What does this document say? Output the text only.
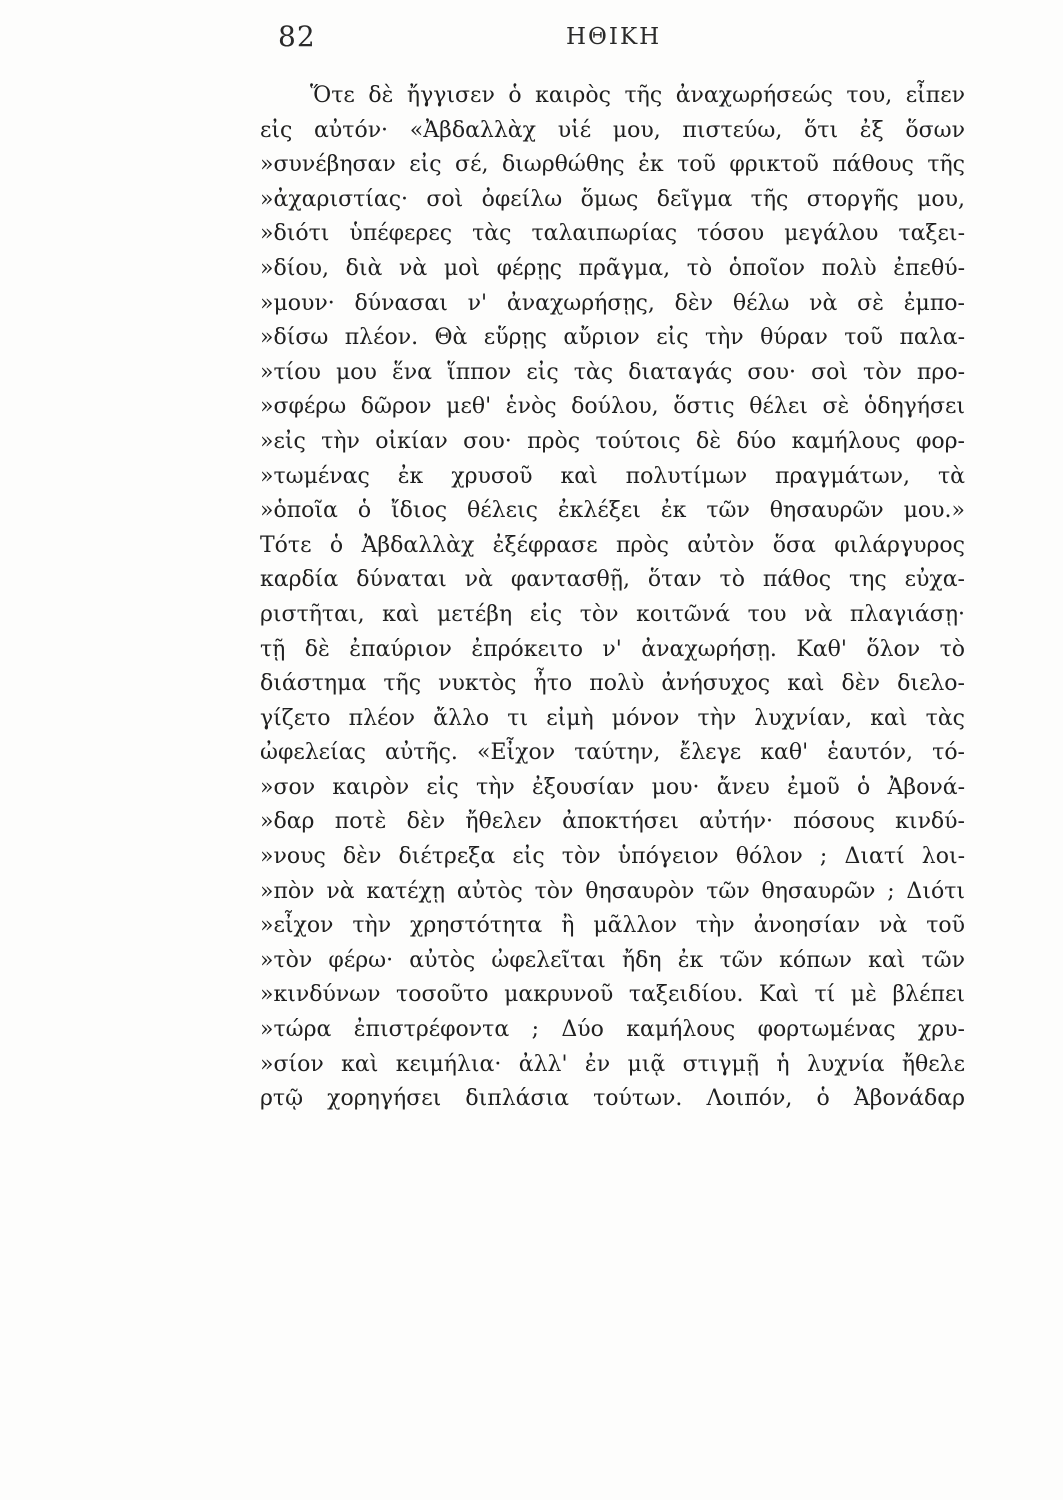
82	ΗΘΙΚΗ
Ὅτε δὲ ἤγγισεν ὁ καιρὸς τῆς ἀναχωρήσεώς του, εἶπεν
εἰς αὐτόν· «Ἀβδαλλὰχ υἱέ μου, πιστεύω, ὅτι ἐξ ὅσων
»συνέβησαν εἰς σέ, διωρθώθης ἐκ τοῦ φρικτοῦ πάθους τῆς
»ἀχαριστίας· σοὶ ὀφείλω ὅμως δεῖγμα τῆς στοργῆς μου,
»διότι ὑπέφερες τὰς ταλαιπωρίας τόσου μεγάλου ταξει-
»δίου, διὰ νὰ μοὶ φέρῃς πρᾶγμα, τὸ ὁποῖον πολὺ ἐπεθύ-
»μουν· δύνασαι ν' ἀναχωρήσῃς, δὲν θέλω νὰ σὲ ἐμπο-
»δίσω πλέον. Θὰ εὕρῃς αὔριον εἰς τὴν θύραν τοῦ παλα-
»τίου μου ἕνα ἵππον εἰς τὰς διαταγάς σου· σοὶ τὸν προ-
»σφέρω δῶρον μεθ' ἑνὸς δούλου, ὅστις θέλει σὲ ὁδηγήσει
»εἰς τὴν οἰκίαν σου· πρὸς τούτοις δὲ δύο καμήλους φορ-
»τωμένας ἐκ χρυσοῦ καὶ πολυτίμων πραγμάτων, τὰ
»ὁποῖα ὁ ἴδιος θέλεις ἐκλέξει ἐκ τῶν θησαυρῶν μου.»
Τότε ὁ Ἀβδαλλὰχ ἐξέφρασε πρὸς αὐτὸν ὅσα φιλάργυρος
καρδία δύναται νὰ φαντασθῇ, ὅταν τὸ πάθος της εὐχα-
ριστῆται, καὶ μετέβη εἰς τὸν κοιτῶνά του νὰ πλαγιάσῃ·
τῇ δὲ ἐπαύριον ἐπρόκειτο ν' ἀναχωρήσῃ. Καθ' ὅλον τὸ
διάστημα τῆς νυκτὸς ἦτο πολὺ ἀνήσυχος καὶ δὲν διελο-
γίζετο πλέον ἄλλο τι εἰμὴ μόνον τὴν λυχνίαν, καὶ τὰς
ὠφελείας αὐτῆς. «Εἶχον ταύτην, ἔλεγε καθ' ἑαυτόν, τό-
»σον καιρὸν εἰς τὴν ἐξουσίαν μου· ἄνευ ἐμοῦ ὁ Ἀβονά-
»δαρ ποτὲ δὲν ἤθελεν ἀποκτήσει αὐτήν· πόσους κινδύ-
»νους δὲν διέτρεξα εἰς τὸν ὑπόγειον θόλον ; Διατί λοι-
»πὸν νὰ κατέχῃ αὐτὸς τὸν θησαυρὸν τῶν θησαυρῶν ; Διότι
»εἶχον τὴν χρηστότητα ἢ μᾶλλον τὴν ἀνοησίαν νὰ τοῦ
»τὸν φέρω· αὐτὸς ὠφελεῖται ἤδη ἐκ τῶν κόπων καὶ τῶν
»κινδύνων τοσοῦτο μακρυνοῦ ταξειδίου. Καὶ τί μὲ βλέπει
»τώρα ἐπιστρέφοντα ; Δύο καμήλους φορτωμένας χρυ-
»σίον καὶ κειμήλια· ἀλλ' ἐν μιᾷ στιγμῇ ἡ λυχνία ἤθελε
ρτῷ χορηγήσει διπλάσια τούτων. Λοιπόν, ὁ Ἀβονάδαρ
